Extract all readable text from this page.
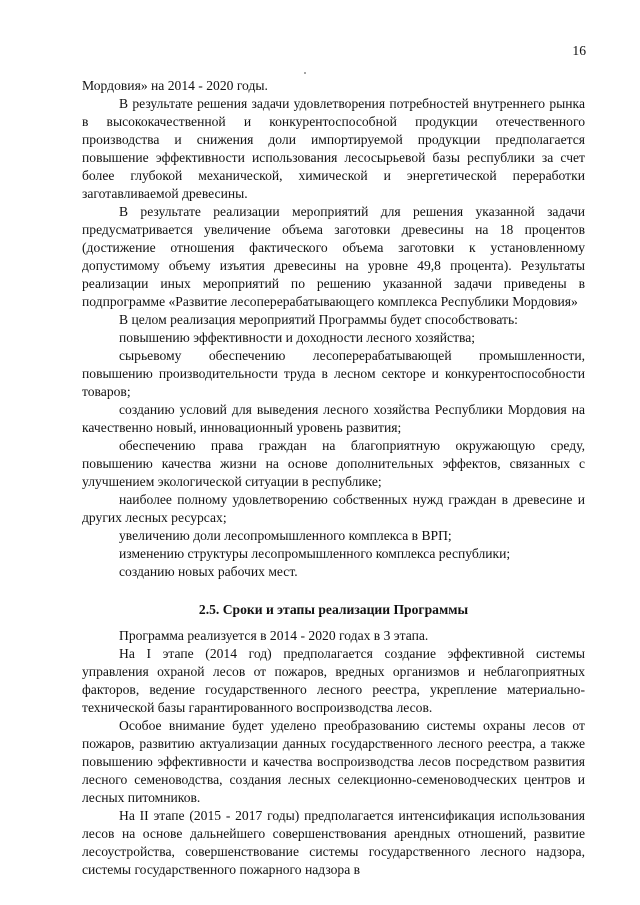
16

Мордовия» на 2014 - 2020 годы.

В результате решения задачи удовлетворения потребностей внутреннего рынка в высококачественной и конкурентоспособной продукции отечественного производства и снижения доли импортируемой продукции предполагается повышение эффективности использования лесосырьевой базы республики за счет более глубокой механической, химической и энергетической переработки заготавливаемой древесины.

В результате реализации мероприятий для решения указанной задачи предусматривается увеличение объема заготовки древесины на 18 процентов (достижение отношения фактического объема заготовки к установленному допустимому объему изъятия древесины на уровне 49,8 процента). Результаты реализации иных мероприятий по решению указанной задачи приведены в подпрограмме «Развитие лесоперерабатывающего комплекса Республики Мордовия»

В целом реализация мероприятий Программы будет способствовать:

повышению эффективности и доходности лесного хозяйства;

сырьевому обеспечению лесоперерабатывающей промышленности, повышению производительности труда в лесном секторе и конкурентоспособности товаров;

созданию условий для выведения лесного хозяйства Республики Мордовия на качественно новый, инновационный уровень развития;

обеспечению права граждан на благоприятную окружающую среду, повышению качества жизни на основе дополнительных эффектов, связанных с улучшением экологической ситуации в республике;

наиболее полному удовлетворению собственных нужд граждан в древесине и других лесных ресурсах;

увеличению доли лесопромышленного комплекса в ВРП;

изменению структуры лесопромышленного комплекса республики;

созданию новых рабочих мест.

2.5. Сроки и этапы реализации Программы

Программа реализуется в 2014 - 2020 годах в 3 этапа.

На I этапе (2014 год) предполагается создание эффективной системы управления охраной лесов от пожаров, вредных организмов и неблагоприятных факторов, ведение государственного лесного реестра, укрепление материально-технической базы гарантированного воспроизводства лесов.

Особое внимание будет уделено преобразованию системы охраны лесов от пожаров, развитию актуализации данных государственного лесного реестра, а также повышению эффективности и качества воспроизводства лесов посредством развития лесного семеноводства, создания лесных селекционно-семеноводческих центров и лесных питомников.

На II этапе (2015 - 2017 годы) предполагается интенсификация использования лесов на основе дальнейшего совершенствования арендных отношений, развитие лесоустройства, совершенствование системы государственного лесного надзора, системы государственного пожарного надзора в
